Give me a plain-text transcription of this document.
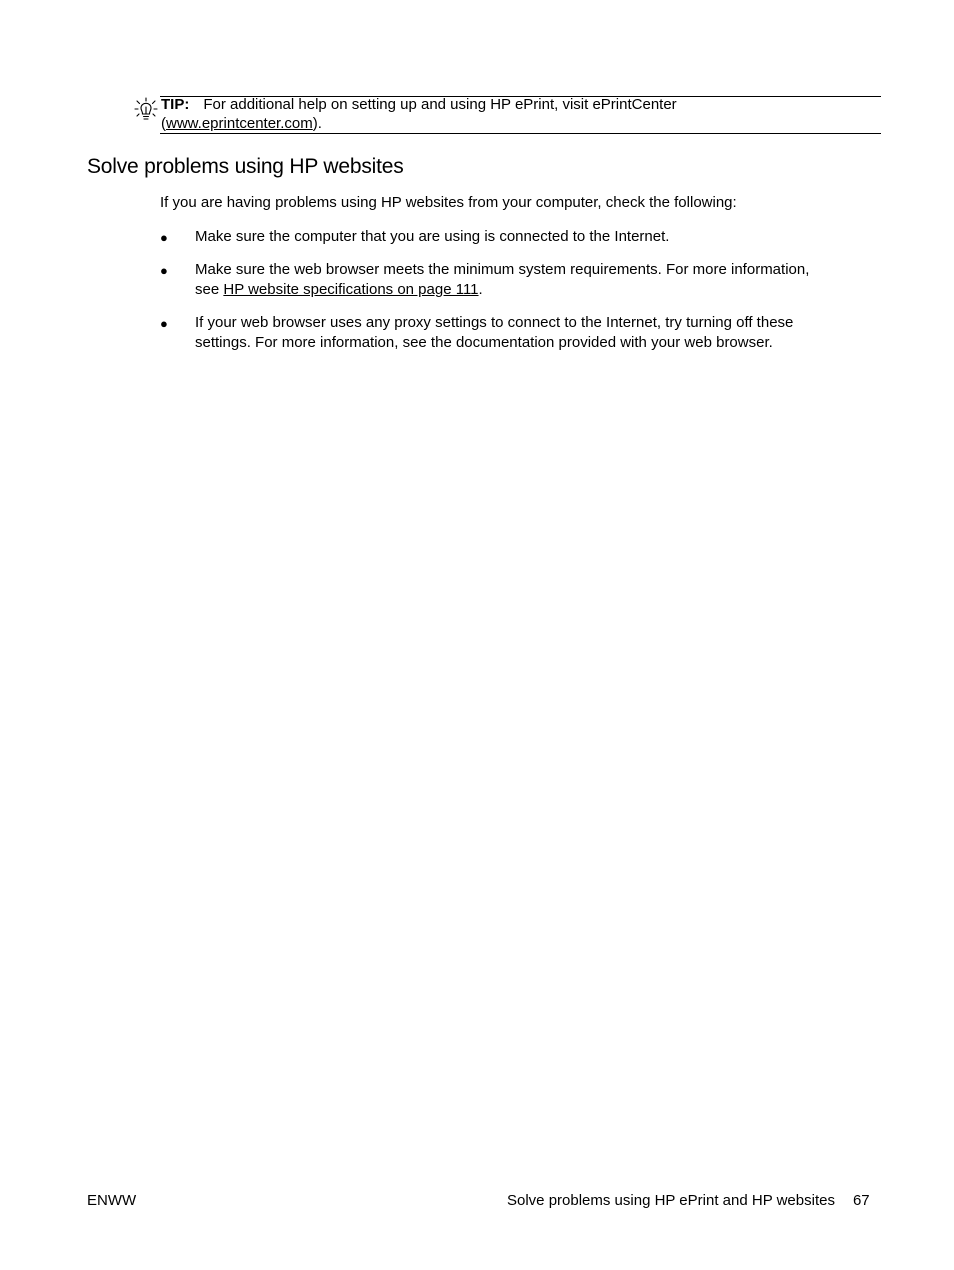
TIP: For additional help on setting up and using HP ePrint, visit ePrintCenter
(www.eprintcenter.com).
Solve problems using HP websites
If you are having problems using HP websites from your computer, check the following:
● Make sure the computer that you are using is connected to the Internet.
● Make sure the web browser meets the minimum system requirements. For more information,
see HP website specifications on page 111.
● If your web browser uses any proxy settings to connect to the Internet, try turning off these
settings. For more information, see the documentation provided with your web browser.
ENWW	Solve problems using HP ePrint and HP websites 67
